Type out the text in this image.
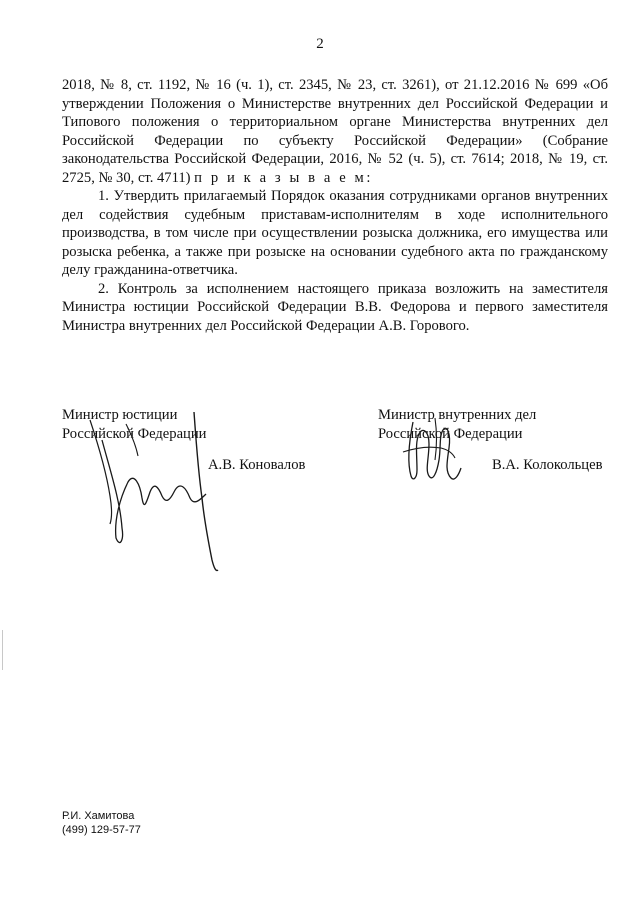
2

2018, № 8, ст. 1192, № 16 (ч. 1), ст. 2345, № 23, ст. 3261), от 21.12.2016 № 699 «Об утверждении Положения о Министерстве внутренних дел Российской Федерации и Типового положения о территориальном органе Министерства внутренних дел Российской Федерации по субъекту Российской Федерации» (Собрание законодательства Российской Федерации, 2016, № 52 (ч. 5), ст. 7614; 2018, № 19, ст. 2725, № 30, ст. 4711) п р и к а з ы в а е м:

1. Утвердить прилагаемый Порядок оказания сотрудниками органов внутренних дел содействия судебным приставам-исполнителям в ходе исполнительного производства, в том числе при осуществлении розыска должника, его имущества или розыска ребенка, а также при розыске на основании судебного акта по гражданскому делу гражданина-ответчика.

2. Контроль за исполнением настоящего приказа возложить на заместителя Министра юстиции Российской Федерации В.В. Федорова и первого заместителя Министра внутренних дел Российской Федерации А.В. Горового.

Министр юстиции
Российской Федерации
А.В. Коновалов
Министр внутренних дел
Российской Федерации
В.А. Колокольцев
Р.И. Хамитова
(499) 129-57-77
